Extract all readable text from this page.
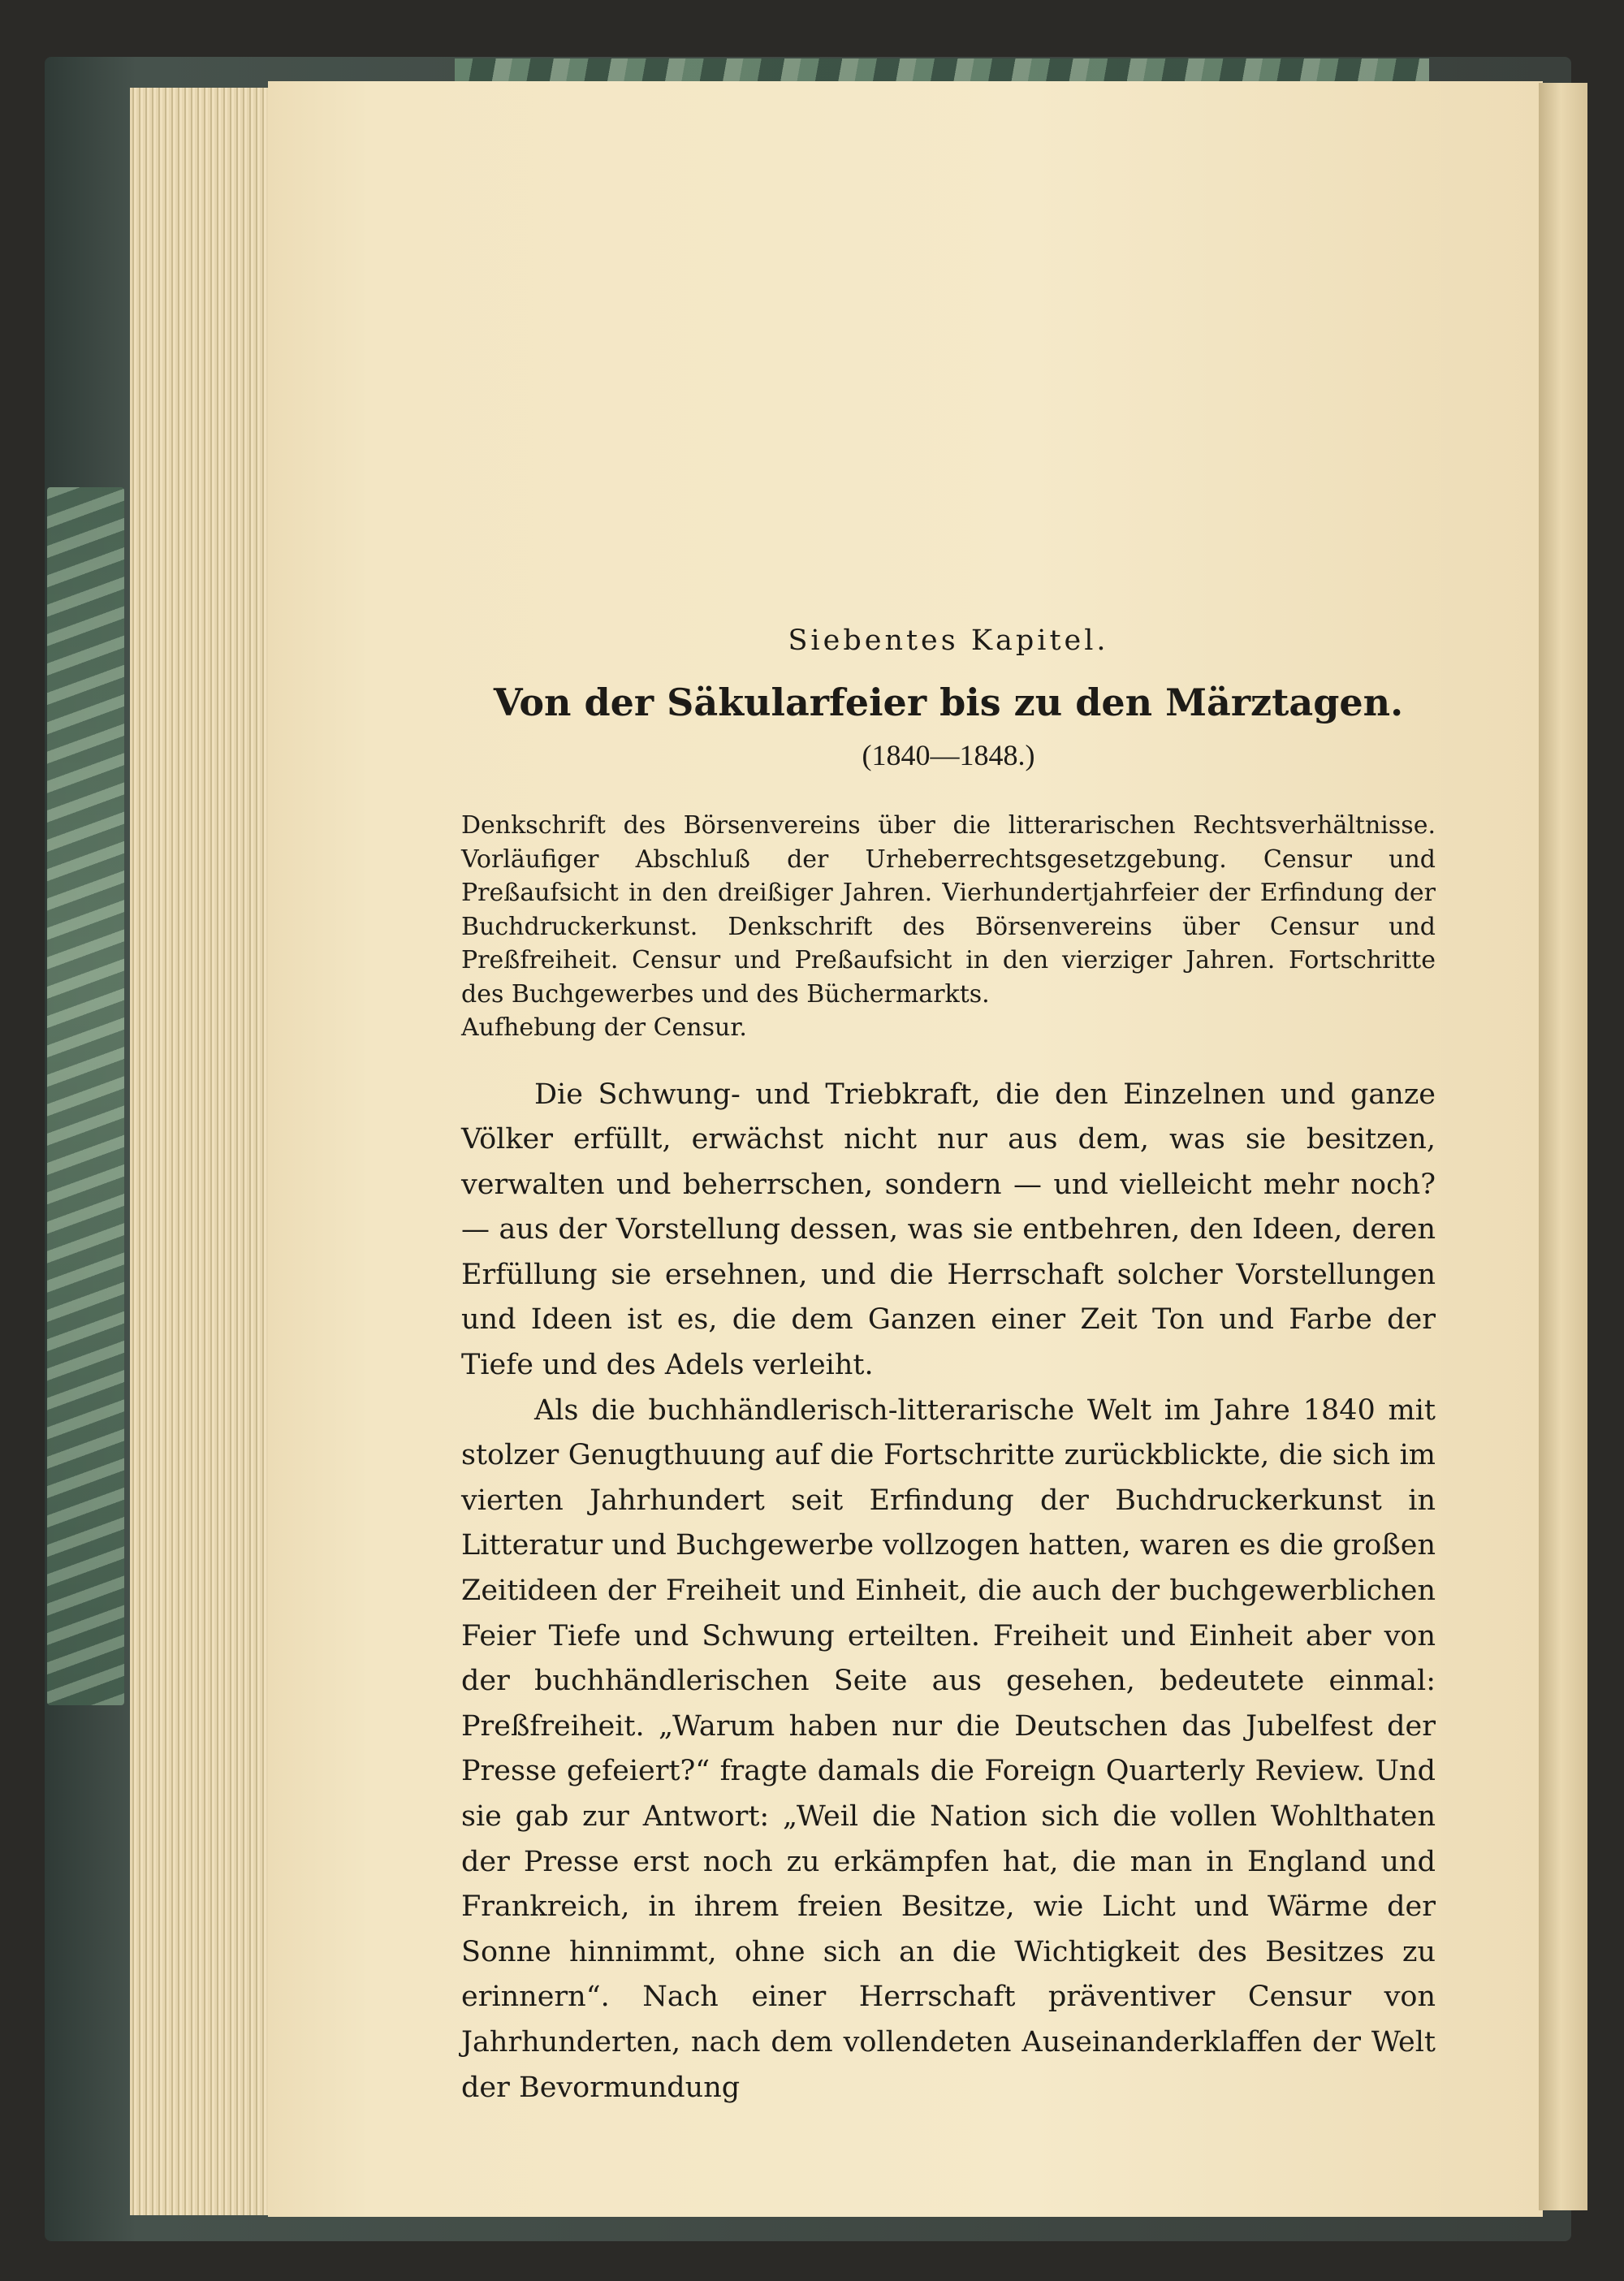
Siebentes Kapitel.
Von der Säkularfeier bis zu den Märztagen.
(1840—1848.)
Denkschrift des Börsenvereins über die litterarischen Rechtsverhältnisse. Vorläufiger Abschluß der Urheberrechtsgesetzgebung. Censur und Preßaufsicht in den dreißiger Jahren. Vierhundertjahrfeier der Erfindung der Buchdruckerkunst. Denkschrift des Börsenvereins über Censur und Preßfreiheit. Censur und Preßaufsicht in den vierziger Jahren. Fortschritte des Buchgewerbes und des Büchermarkts.
Aufhebung der Censur.

Die Schwung- und Triebkraft, die den Einzelnen und ganze Völker erfüllt, erwächst nicht nur aus dem, was sie besitzen, verwalten und beherrschen, sondern — und vielleicht mehr noch? — aus der Vorstellung dessen, was sie entbehren, den Ideen, deren Erfüllung sie ersehnen, und die Herrschaft solcher Vorstellungen und Ideen ist es, die dem Ganzen einer Zeit Ton und Farbe der Tiefe und des Adels verleiht.

Als die buchhändlerisch-litterarische Welt im Jahre 1840 mit stolzer Genugthuung auf die Fortschritte zurückblickte, die sich im vierten Jahrhundert seit Erfindung der Buchdruckerkunst in Litteratur und Buchgewerbe vollzogen hatten, waren es die großen Zeitideen der Freiheit und Einheit, die auch der buchgewerblichen Feier Tiefe und Schwung erteilten. Freiheit und Einheit aber von der buchhändlerischen Seite aus gesehen, bedeutete einmal: Preßfreiheit. „Warum haben nur die Deutschen das Jubelfest der Presse gefeiert?“ fragte damals die Foreign Quarterly Review. Und sie gab zur Antwort: „Weil die Nation sich die vollen Wohlthaten der Presse erst noch zu erkämpfen hat, die man in England und Frankreich, in ihrem freien Besitze, wie Licht und Wärme der Sonne hinnimmt, ohne sich an die Wichtigkeit des Besitzes zu erinnern“. Nach einer Herrschaft präventiver Censur von Jahrhunderten, nach dem vollendeten Auseinanderklaffen der Welt der Bevormundung
